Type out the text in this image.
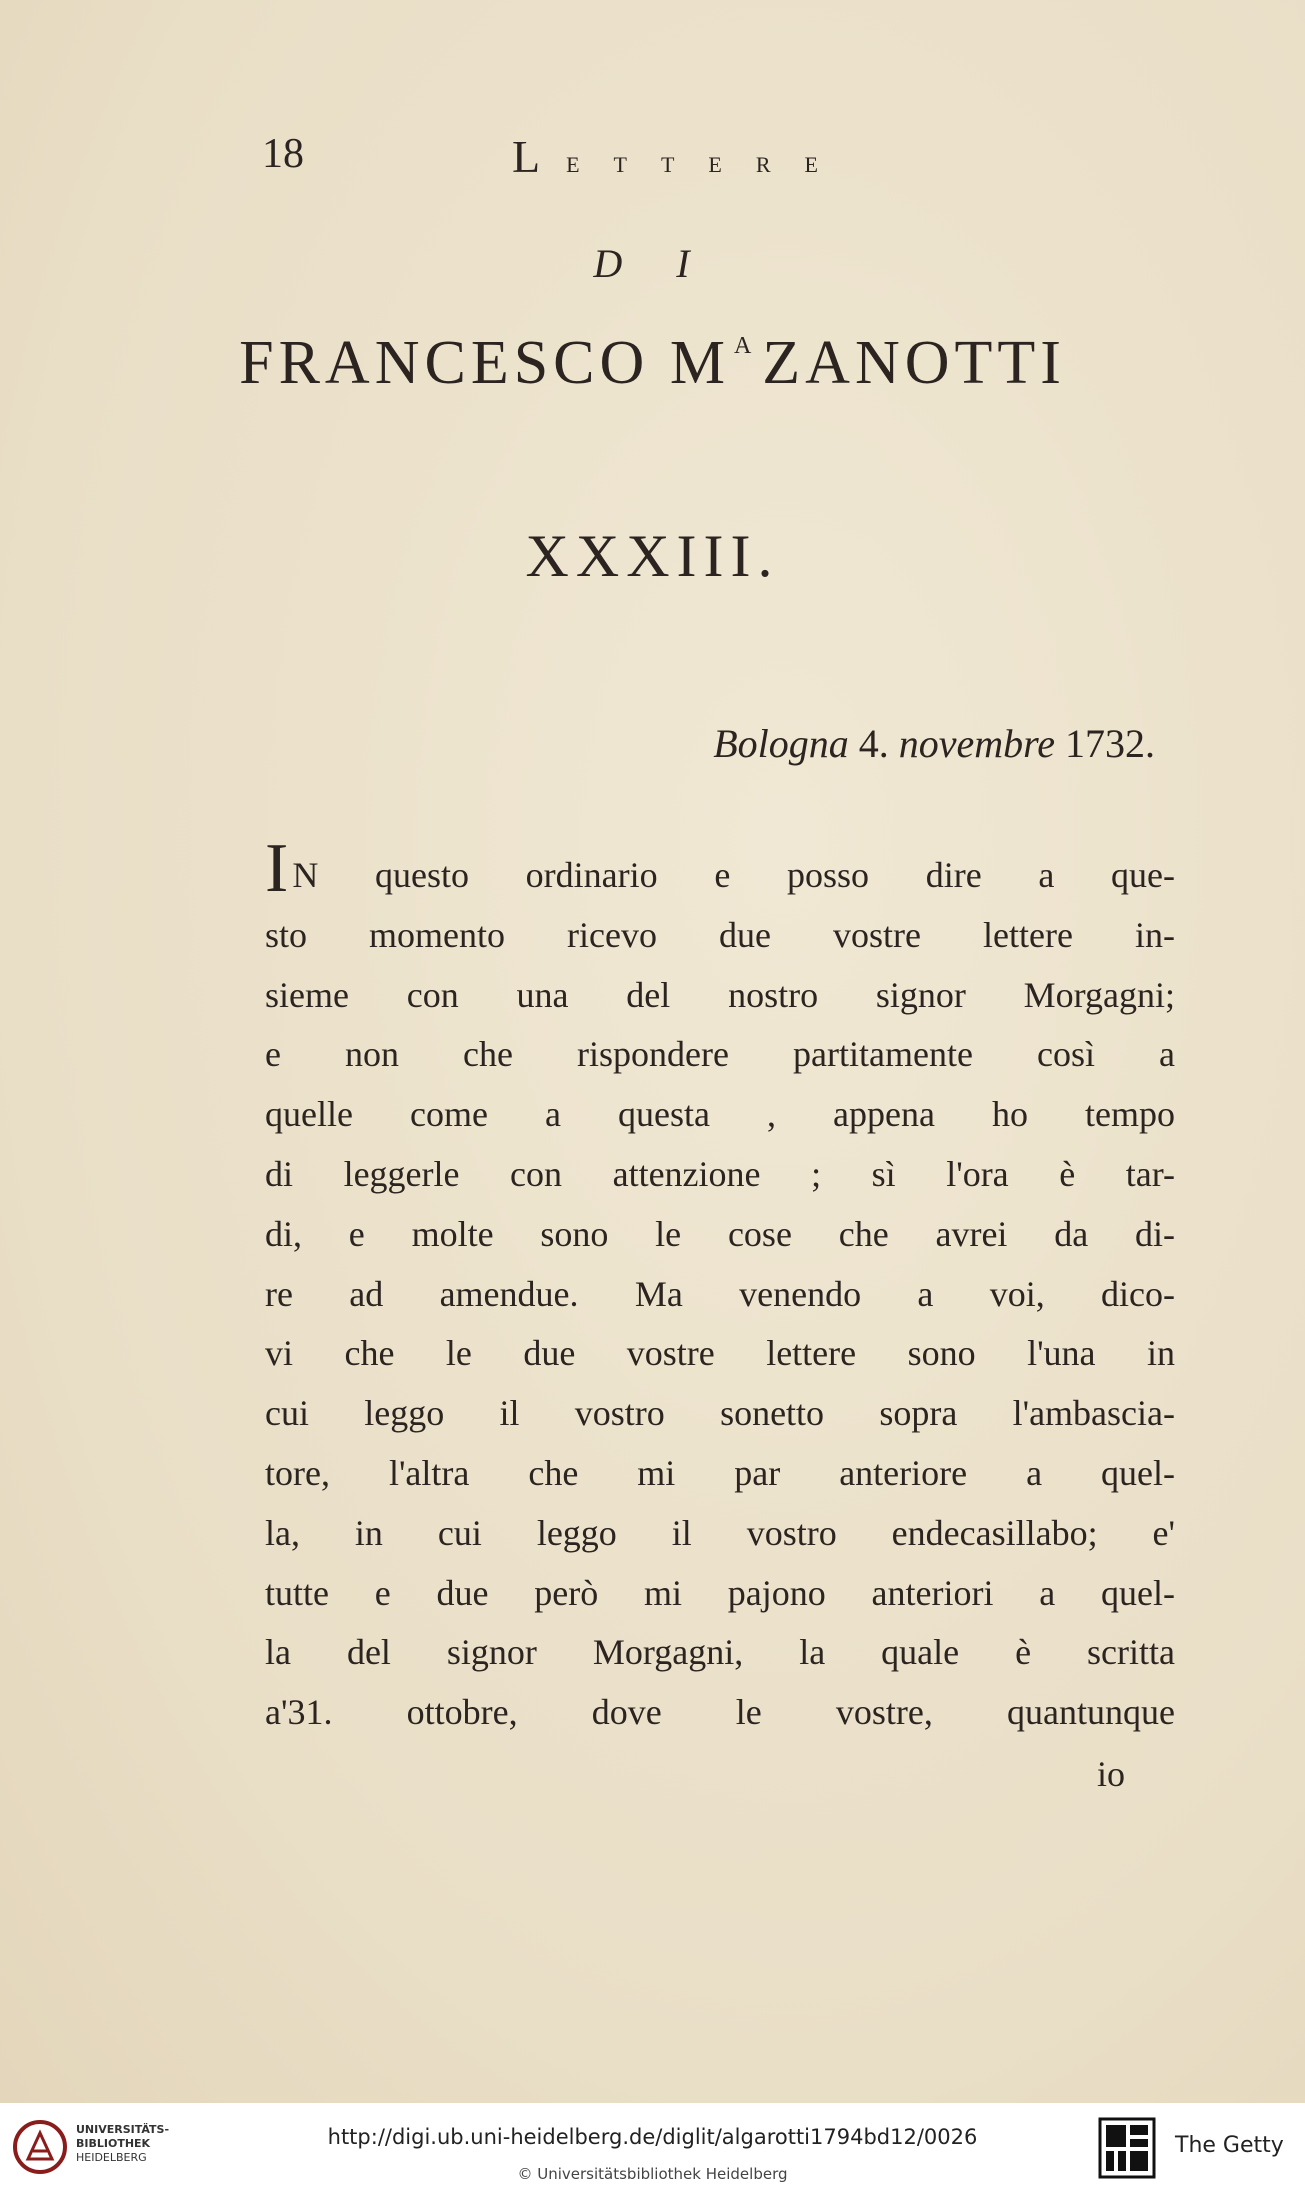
18	L ETTERE
D I
FRANCESCO M $^A$ZANOTTI
XXXIII.
Bologna 4. novembre 1732.
I N questo ordinario e posso dire a que-
sto momento ricevo due vostre lettere in-
sieme con una del nostro signor Morgagni;
e non che rispondere partitamente così a
quelle come a questa , appena ho tempo
di leggerle con attenzione ; sì l'ora è tar-
di, e molte sono le cose che avrei da di-
re ad amendue. Ma venendo a voi, dico-
vi che le due vostre lettere sono l'una in
cui leggo il vostro sonetto sopra l'ambascia-
tore, l'altra che mi par anteriore a quel-
la, in cui leggo il vostro endecasillabo; e'
tutte e due però mi pajono anteriori a quel-
la del signor Morgagni, la quale è scritta
a'31. ottobre, dove le vostre, quantunque
io
UNIVERSITÄTS-
BIBLIOTHEK
HEIDELBERG
http://digi.ub.uni-heidelberg.de/diglit/algarotti1794bd12/0026
© Universitätsbibliothek Heidelberg
The Getty
